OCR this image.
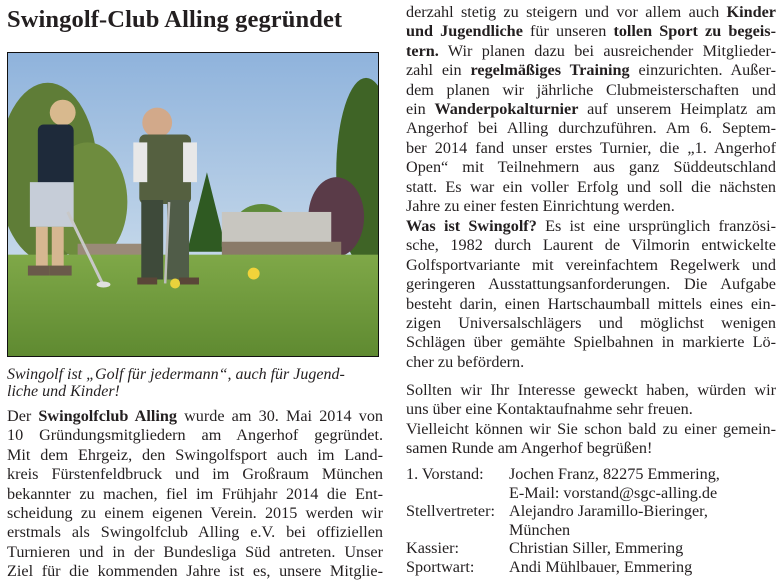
Swingolf-Club Alling gegründet

Swingolf ist „Golf für jedermann“, auch für Jugend-
liche und Kinder!

Der Swingolfclub Alling wurde am 30. Mai 2014 von
10 Gründungsmitgliedern am Angerhof gegründet.
Mit dem Ehrgeiz, den Swingolfsport auch im Land-
kreis Fürstenfeldbruck und im Großraum München
bekannter zu machen, fiel im Frühjahr 2014 die Ent-
scheidung zu einem eigenen Verein. 2015 werden wir
erstmals als Swingolfclub Alling e.V. bei offiziellen
Turnieren und in der Bundesliga Süd antreten. Unser
Ziel für die kommenden Jahre ist es, unsere Mitglie-
derzahl stetig zu steigern und vor allem auch Kinder
und Jugendliche für unseren tollen Sport zu begeis-
tern. Wir planen dazu bei ausreichender Mitglieder-
zahl ein regelmäßiges Training einzurichten. Außer-
dem planen wir jährliche Clubmeisterschaften und
ein Wanderpokalturnier auf unserem Heimplatz am
Angerhof bei Alling durchzuführen. Am 6. Septem-
ber 2014 fand unser erstes Turnier, die „1. Angerhof
Open“ mit Teilnehmern aus ganz Süddeutschland
statt. Es war ein voller Erfolg und soll die nächsten
Jahre zu einer festen Einrichtung werden.
Was ist Swingolf? Es ist eine ursprünglich französi-
sche, 1982 durch Laurent de Vilmorin entwickelte
Golfsportvariante mit vereinfachtem Regelwerk und
geringeren Ausstattungsanforderungen. Die Aufgabe
besteht darin, einen Hartschaumball mittels eines ein-
zigen Universalschlägers und möglichst wenigen
Schlägen über gemähte Spielbahnen in markierte Lö-
cher zu befördern.
Sollten wir Ihr Interesse geweckt haben, würden wir
uns über eine Kontaktaufnahme sehr freuen.
Vielleicht können wir Sie schon bald zu einer gemein-
samen Runde am Angerhof begrüßen!
1. Vorstand:	Jochen Franz, 82275 Emmering,
E-Mail: vorstand@sgc-alling.de
Stellvertreter: Alejandro Jaramillo-Bieringer,
München
Kassier:	Christian Siller, Emmering
Sportwart:	Andi Mühlbauer, Emmering
